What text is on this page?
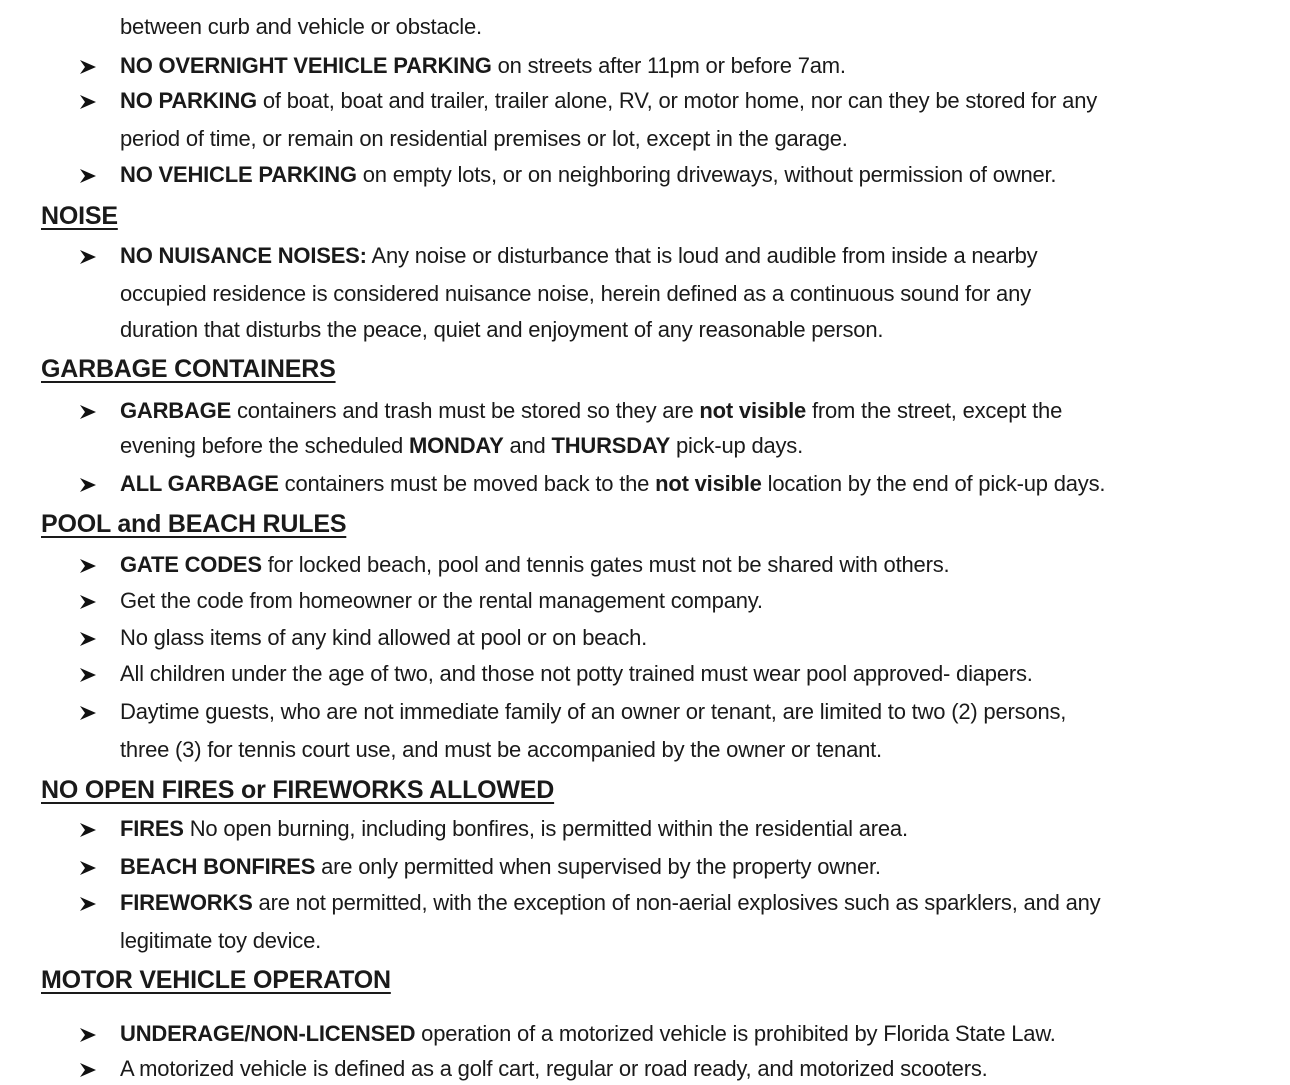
between curb and vehicle or obstacle.
NO OVERNIGHT VEHICLE PARKING on streets after 11pm or before 7am.
NO PARKING of boat, boat and trailer, trailer alone, RV, or motor home, nor can they be stored for any
period of time, or remain on residential premises or lot, except in the garage.
NO VEHICLE PARKING on empty lots, or on neighboring driveways, without permission of owner.
NOISE
NO NUISANCE NOISES: Any noise or disturbance that is loud and audible from inside a nearby
occupied residence is considered nuisance noise, herein defined as a continuous sound for any
duration that disturbs the peace, quiet and enjoyment of any reasonable person.
GARBAGE CONTAINERS
GARBAGE containers and trash must be stored so they are not visible from the street, except the
evening before the scheduled MONDAY and THURSDAY pick-up days.
ALL GARBAGE containers must be moved back to the not visible location by the end of pick-up days.
POOL and BEACH RULES
GATE CODES for locked beach, pool and tennis gates must not be shared with others.
Get the code from homeowner or the rental management company.
No glass items of any kind allowed at pool or on beach.
All children under the age of two, and those not potty trained must wear pool approved- diapers.
Daytime guests, who are not immediate family of an owner or tenant, are limited to two (2) persons,
three (3) for tennis court use, and must be accompanied by the owner or tenant.
NO OPEN FIRES or FIREWORKS ALLOWED
FIRES No open burning, including bonfires, is permitted within the residential area.
BEACH BONFIRES are only permitted when supervised by the property owner.
FIREWORKS are not permitted, with the exception of non-aerial explosives such as sparklers, and any
legitimate toy device.
MOTOR VEHICLE OPERATON
UNDERAGE/NON-LICENSED operation of a motorized vehicle is prohibited by Florida State Law.
A motorized vehicle is defined as a golf cart, regular or road ready, and motorized scooters.
